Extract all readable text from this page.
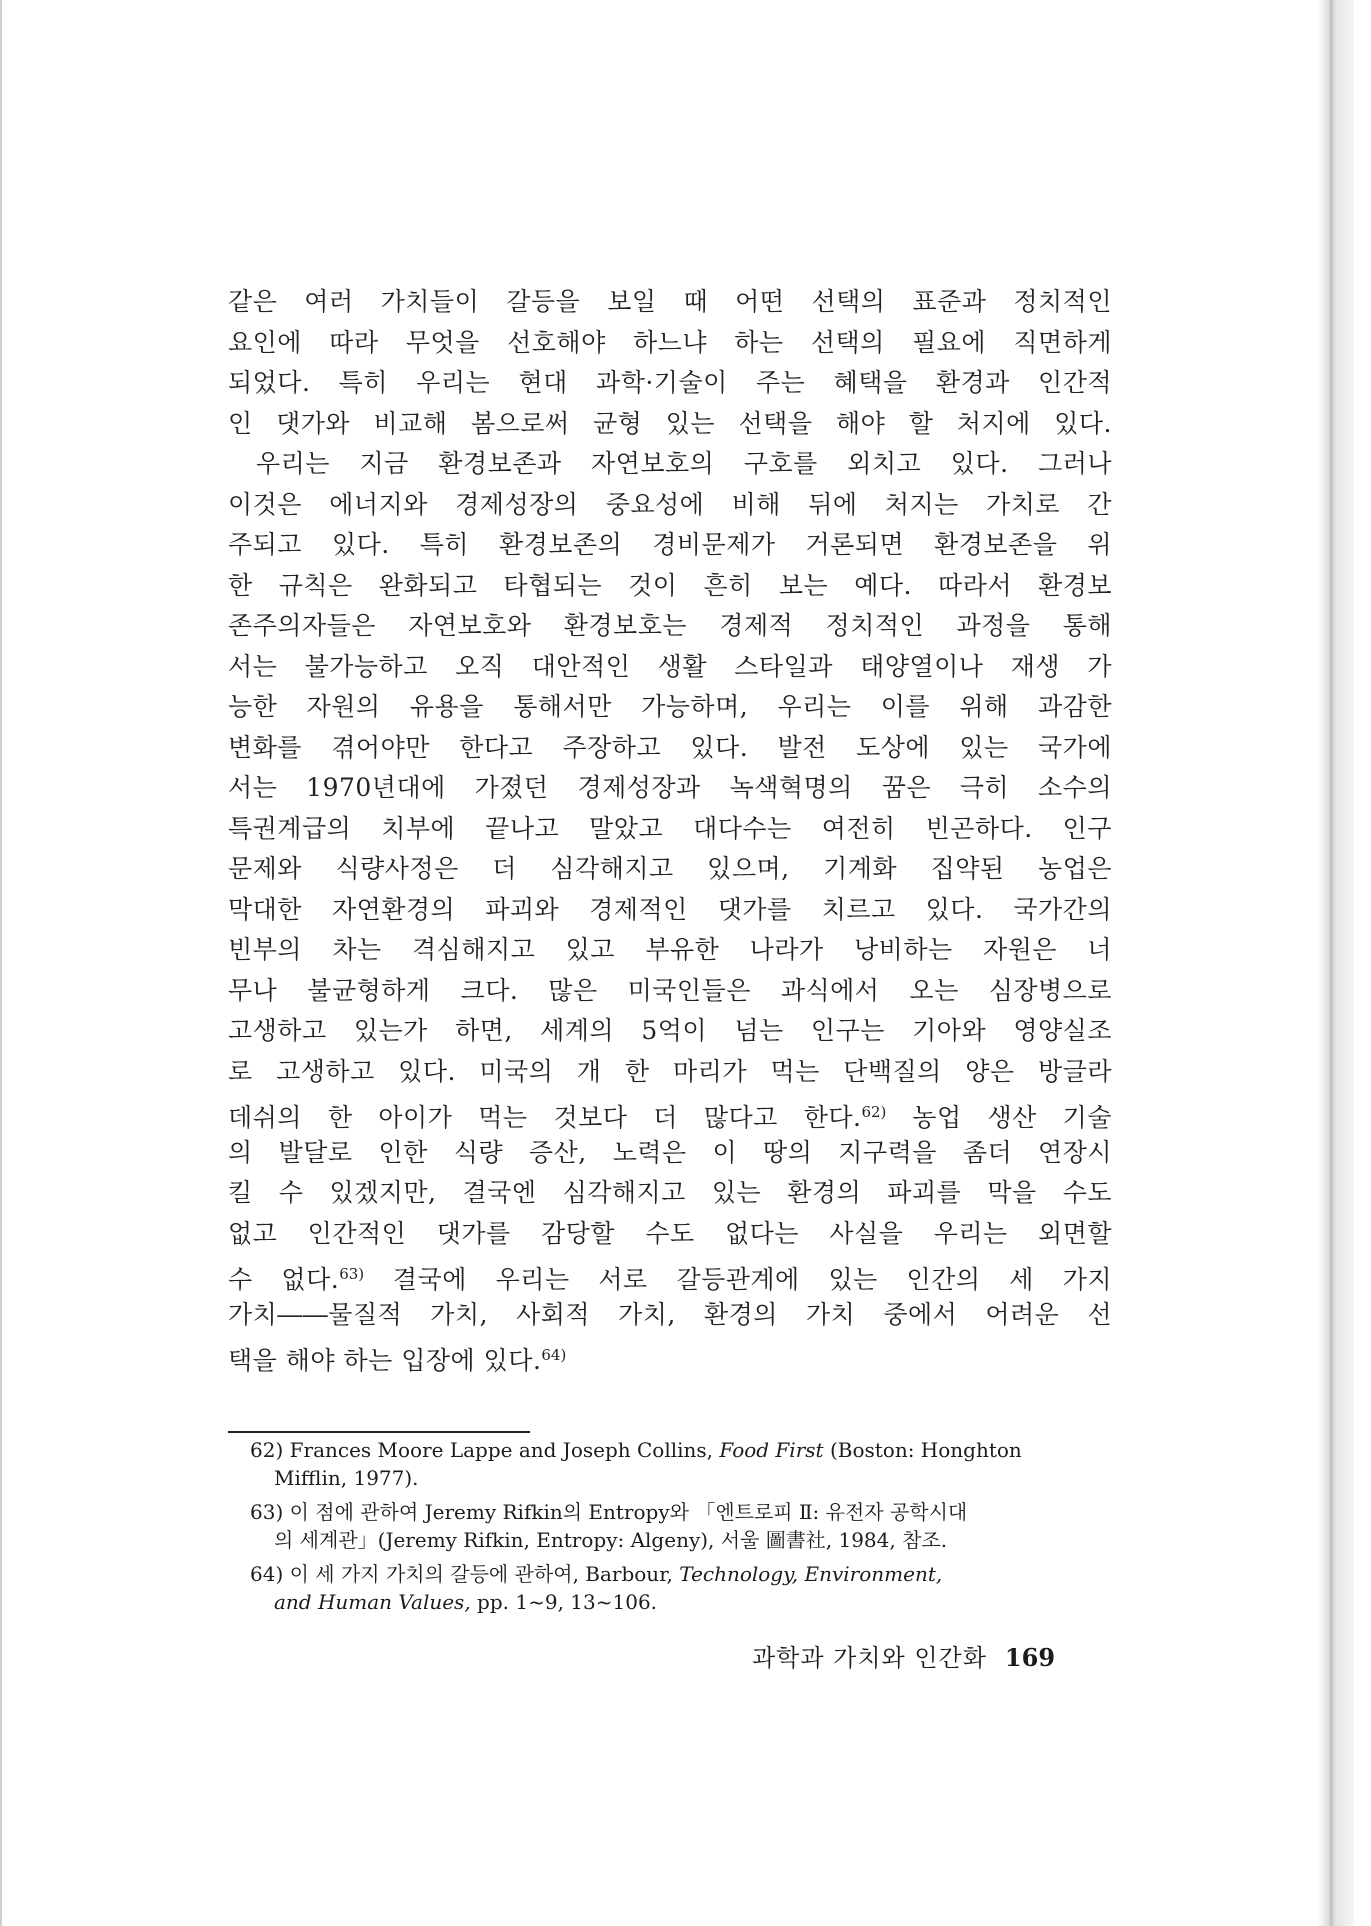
같은 여러 가치들이 갈등을 보일 때 어떤 선택의 표준과 정치적인
요인에 따라 무엇을 선호해야 하느냐 하는 선택의 필요에 직면하게
되었다. 특히 우리는 현대 과학·기술이 주는 혜택을 환경과 인간적
인 댓가와 비교해 봄으로써 균형 있는 선택을 해야 할 처지에 있다.
우리는 지금 환경보존과 자연보호의 구호를 외치고 있다. 그러나
이것은 에너지와 경제성장의 중요성에 비해 뒤에 처지는 가치로 간
주되고 있다. 특히 환경보존의 경비문제가 거론되면 환경보존을 위
한 규칙은 완화되고 타협되는 것이 흔히 보는 예다. 따라서 환경보
존주의자들은 자연보호와 환경보호는 경제적 정치적인 과정을 통해
서는 불가능하고 오직 대안적인 생활 스타일과 태양열이나 재생 가
능한 자원의 유용을 통해서만 가능하며, 우리는 이를 위해 과감한
변화를 겪어야만 한다고 주장하고 있다. 발전 도상에 있는 국가에
서는 1970년대에 가졌던 경제성장과 녹색혁명의 꿈은 극히 소수의
특권계급의 치부에 끝나고 말았고 대다수는 여전히 빈곤하다. 인구
문제와 식량사정은 더 심각해지고 있으며, 기계화 집약된 농업은
막대한 자연환경의 파괴와 경제적인 댓가를 치르고 있다. 국가간의
빈부의 차는 격심해지고 있고 부유한 나라가 낭비하는 자원은 너
무나 불균형하게 크다. 많은 미국인들은 과식에서 오는 심장병으로
고생하고 있는가 하면, 세계의 5억이 넘는 인구는 기아와 영양실조
로 고생하고 있다. 미국의 개 한 마리가 먹는 단백질의 양은 방글라
데쉬의 한 아이가 먹는 것보다 더 많다고 한다.$^{62)}$ 농업 생산 기술
의 발달로 인한 식량 증산, 노력은 이 땅의 지구력을 좀더 연장시
킬 수 있겠지만, 결국엔 심각해지고 있는 환경의 파괴를 막을 수도
없고 인간적인 댓가를 감당할 수도 없다는 사실을 우리는 외면할
수 없다.$^{63)}$ 결국에 우리는 서로 갈등관계에 있는 인간의 세 가지
가치――물질적 가치, 사회적 가치, 환경의 가치 중에서 어려운 선
택을 해야 하는 입장에 있다.$^{64)}$
62) Frances Moore Lappe and Joseph Collins, Food First (Boston: Honghton
Mifflin, 1977).
63) 이 점에 관하여 Jeremy Rifkin의 Entropy와 「엔트로피 Ⅱ: 유전자 공학시대
의 세계관」(Jeremy Rifkin, Entropy: Algeny), 서울 圖書社, 1984, 참조.
64) 이 세 가지 가치의 갈등에 관하여, Barbour, Technology, Environment,
and Human Values, pp. 1~9, 13~106.
과학과 가치와 인간화 169
